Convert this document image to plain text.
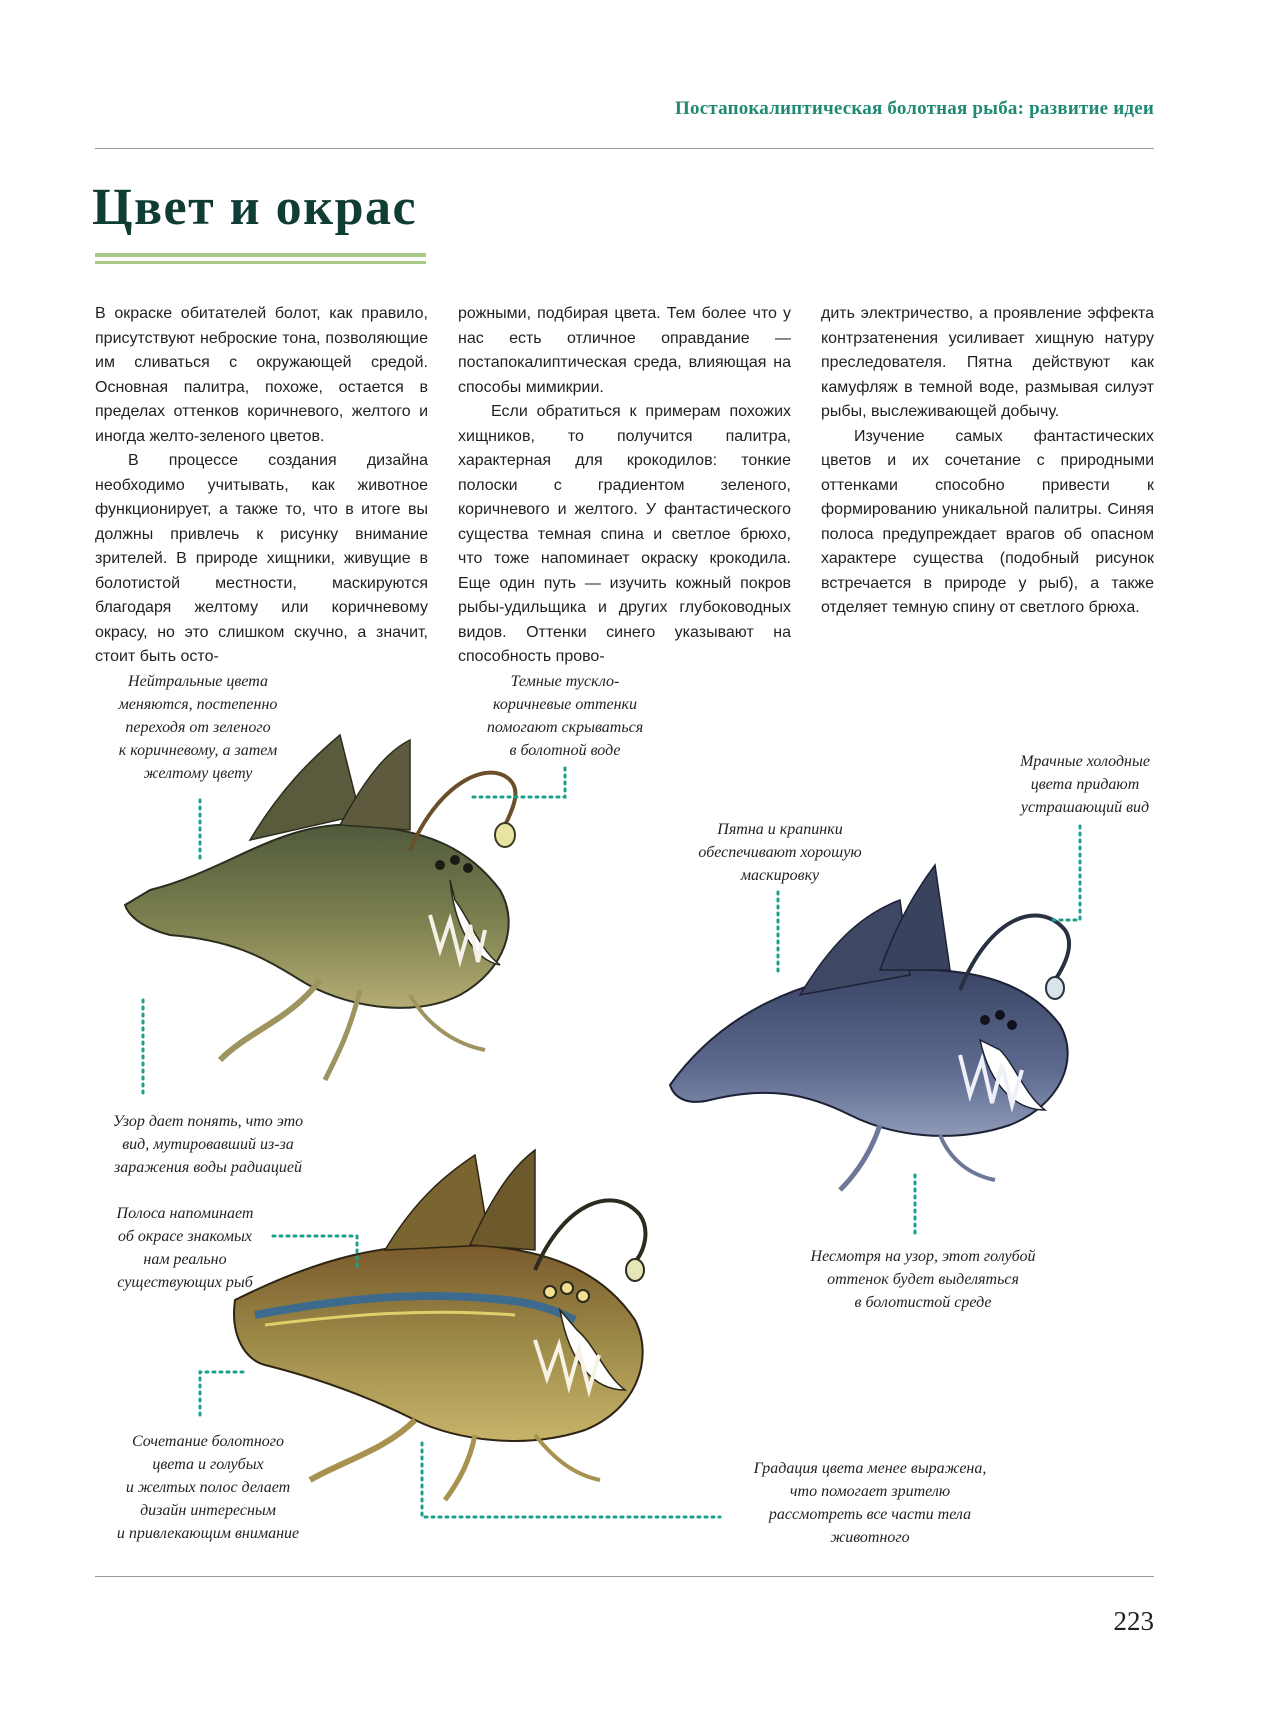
Постапокалиптическая болотная рыба: развитие идеи
Цвет и окрас

В окраске обитателей болот, как правило, присутствуют неброские тона, позволяющие им сливаться с окружающей средой. Основная палитра, похоже, остается в пределах оттенков коричневого, желтого и иногда желто-зеленого цветов.

В процессе создания дизайна необходимо учитывать, как животное функционирует, а также то, что в итоге вы должны привлечь к рисунку внимание зрителей. В природе хищники, живущие в болотистой местности, маскируются благодаря желтому или коричневому окрасу, но это слишком скучно, а значит, стоит быть осто-

рожными, подбирая цвета. Тем более что у нас есть отличное оправдание — постапокалиптическая среда, влияющая на способы мимикрии.

Если обратиться к примерам похожих хищников, то получится палитра, характерная для крокодилов: тонкие полоски с градиентом зеленого, коричневого и желтого. У фантастического существа темная спина и светлое брюхо, что тоже напоминает окраску крокодила. Еще один путь — изучить кожный покров рыбы-удильщика и других глубоководных видов. Оттенки синего указывают на способность прово-

дить электричество, а проявление эффекта контрзатенения усиливает хищную натуру преследователя. Пятна действуют как камуфляж в темной воде, размывая силуэт рыбы, выслеживающей добычу.

Изучение самых фантастических цветов и их сочетание с природными оттенками способно привести к формированию уникальной палитры. Синяя полоса предупреждает врагов об опасном характере существа (подобный рисунок встречается в природе у рыб), а также отделяет темную спину от светлого брюха.

Нейтральные цвета
меняются, постепенно
переходя от зеленого
к коричневому, а затем
желтому цвету
Темные тускло-
коричневые оттенки
помогают скрываться
в болотной воде
Мрачные холодные
цвета придают
устрашающий вид
Пятна и крапинки
обеспечивают хорошую
маскировку
Узор дает понять, что это
вид, мутировавший из-за
заражения воды радиацией
Полоса напоминает
об окрасе знакомых
нам реально
существующих рыб
Несмотря на узор, этот голубой
оттенок будет выделяться
в болотистой среде
Сочетание болотного
цвета и голубых
и желтых полос делает
дизайн интересным
и привлекающим внимание
Градация цвета менее выражена,
что помогает зрителю
рассмотреть все части тела
животного
223
